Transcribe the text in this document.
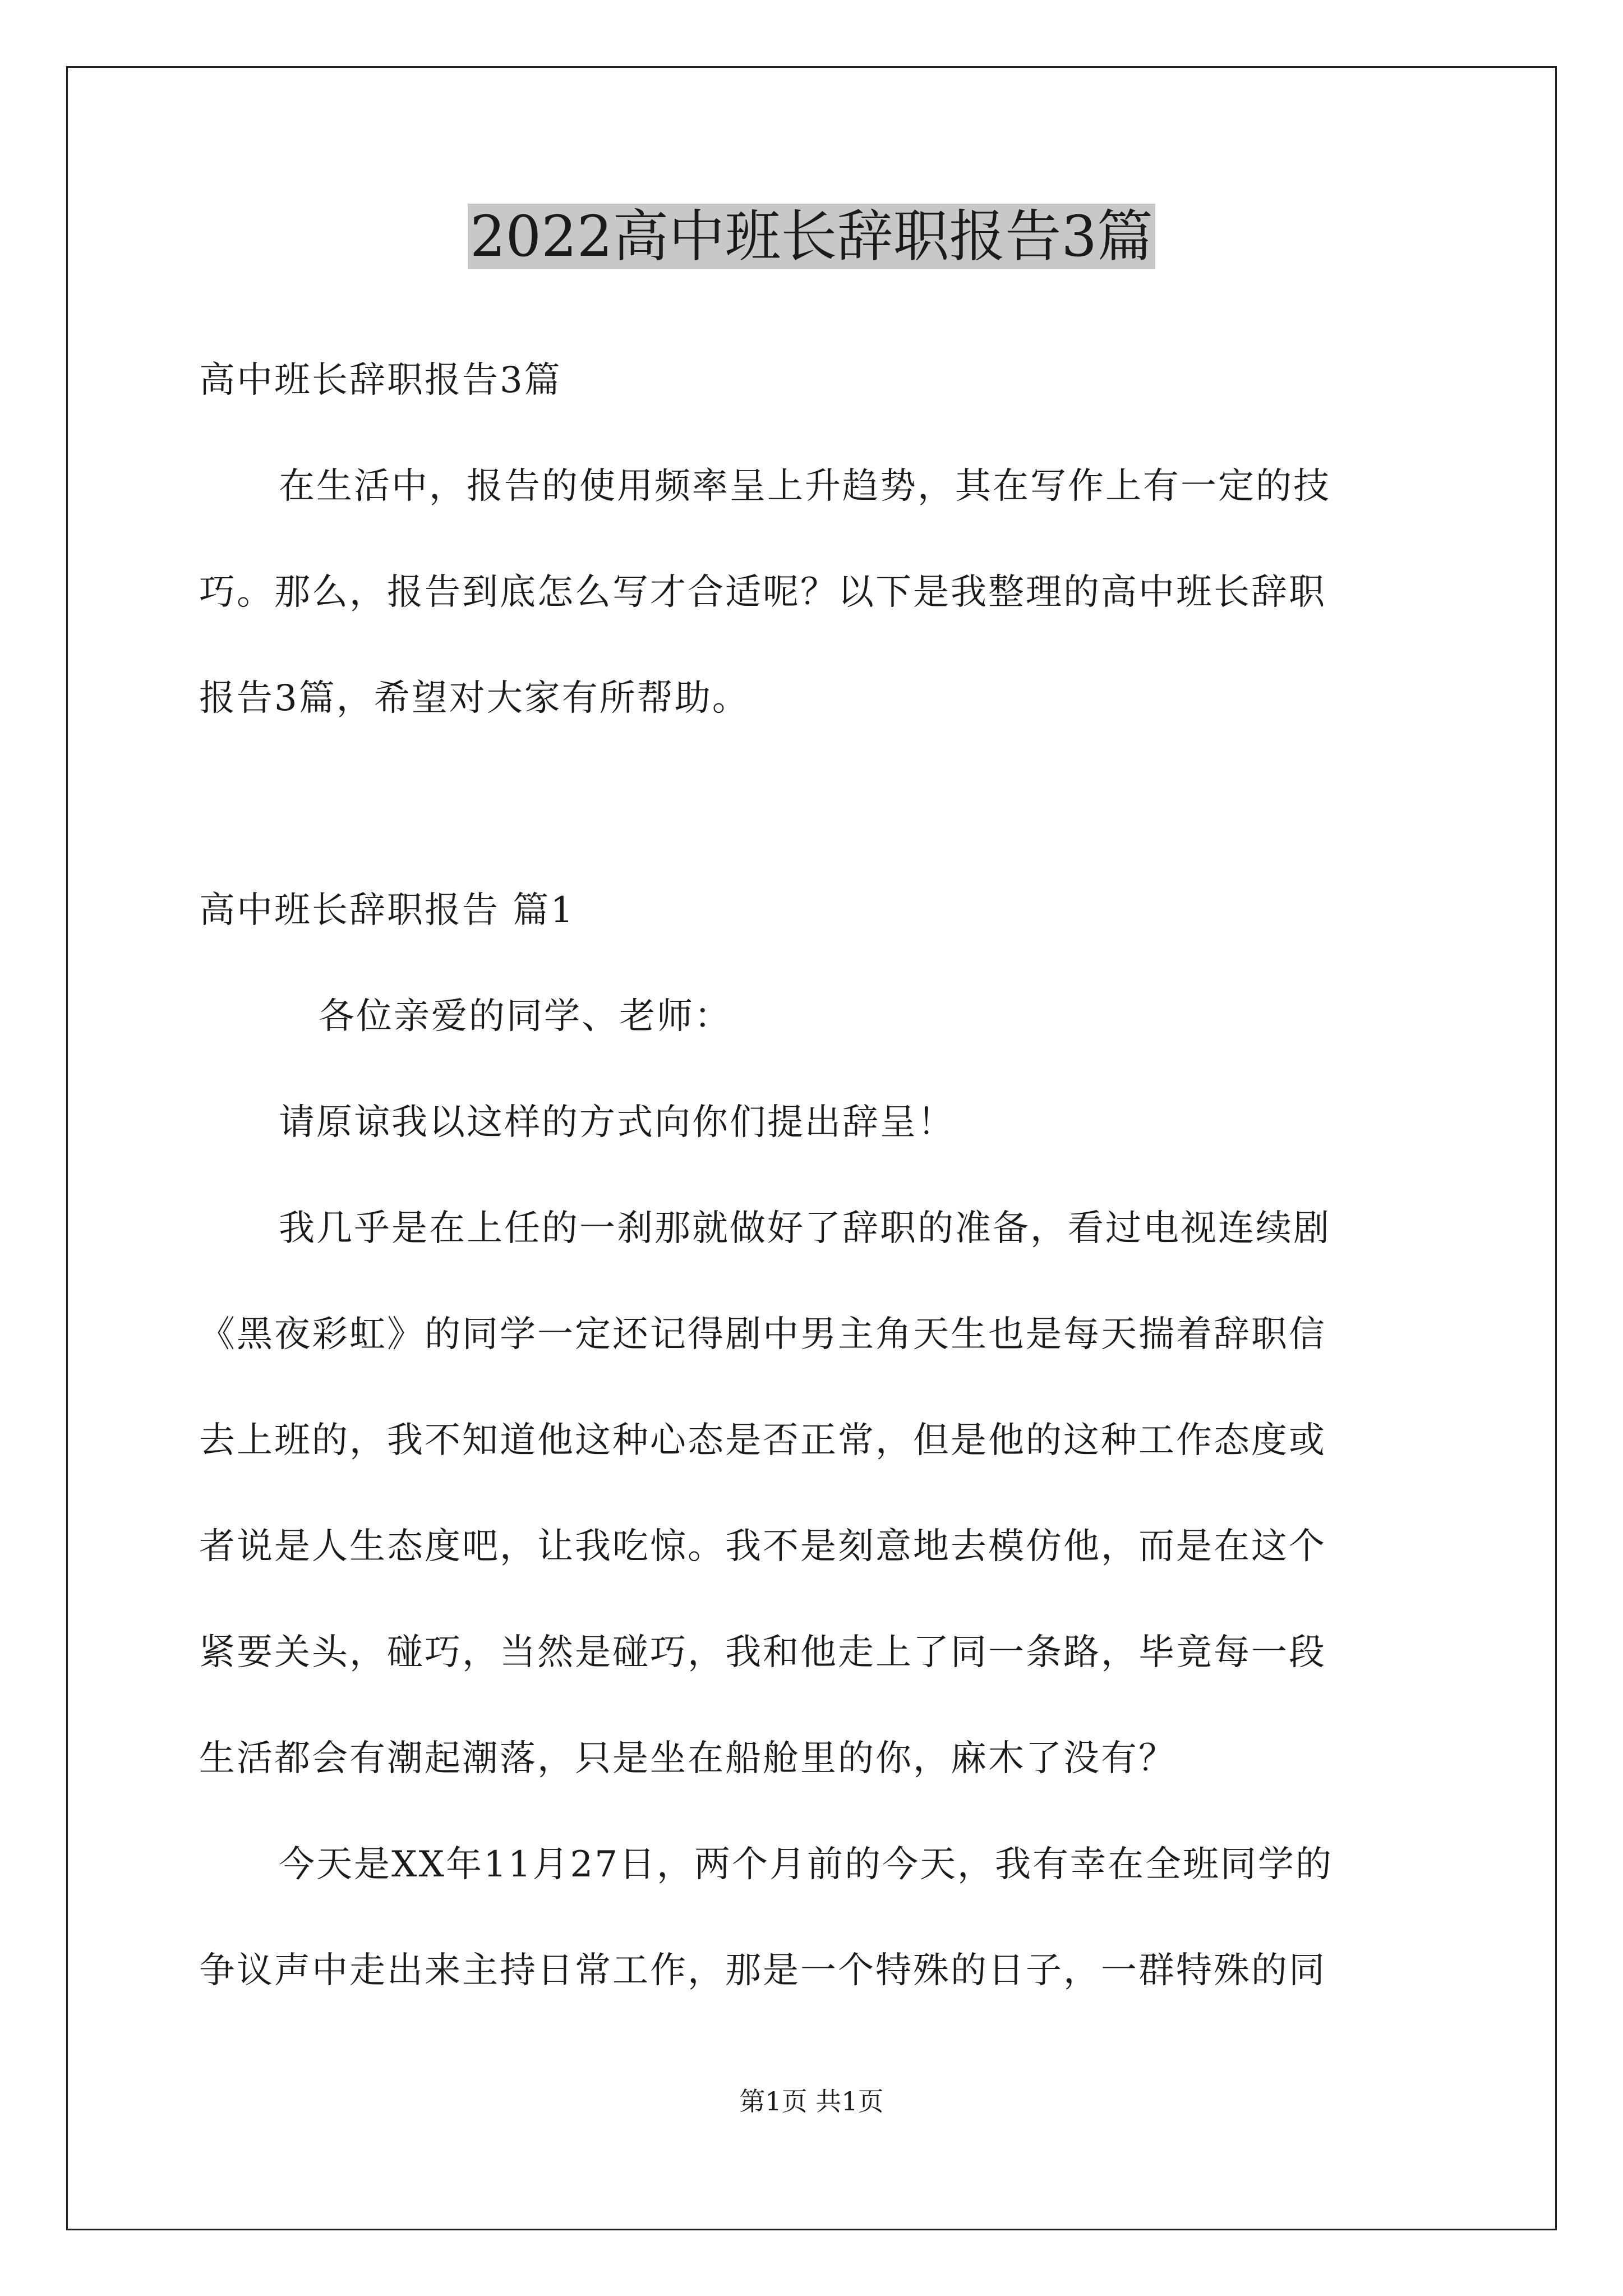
2022高中班长辞职报告3篇
高中班长辞职报告3篇
在生活中，报告的使用频率呈上升趋势，其在写作上有一定的技
巧。那么，报告到底怎么写才合适呢？以下是我整理的高中班长辞职
报告3篇，希望对大家有所帮助。
高中班长辞职报告 篇1
各位亲爱的同学、老师：
请原谅我以这样的方式向你们提出辞呈！
我几乎是在上任的一刹那就做好了辞职的准备，看过电视连续剧
《黑夜彩虹》的同学一定还记得剧中男主角天生也是每天揣着辞职信
去上班的，我不知道他这种心态是否正常，但是他的这种工作态度或
者说是人生态度吧，让我吃惊。我不是刻意地去模仿他，而是在这个
紧要关头，碰巧，当然是碰巧，我和他走上了同一条路，毕竟每一段
生活都会有潮起潮落，只是坐在船舱里的你，麻木了没有？
今天是XX年11月27日，两个月前的今天，我有幸在全班同学的
争议声中走出来主持日常工作，那是一个特殊的日子，一群特殊的同
第1页 共1页
